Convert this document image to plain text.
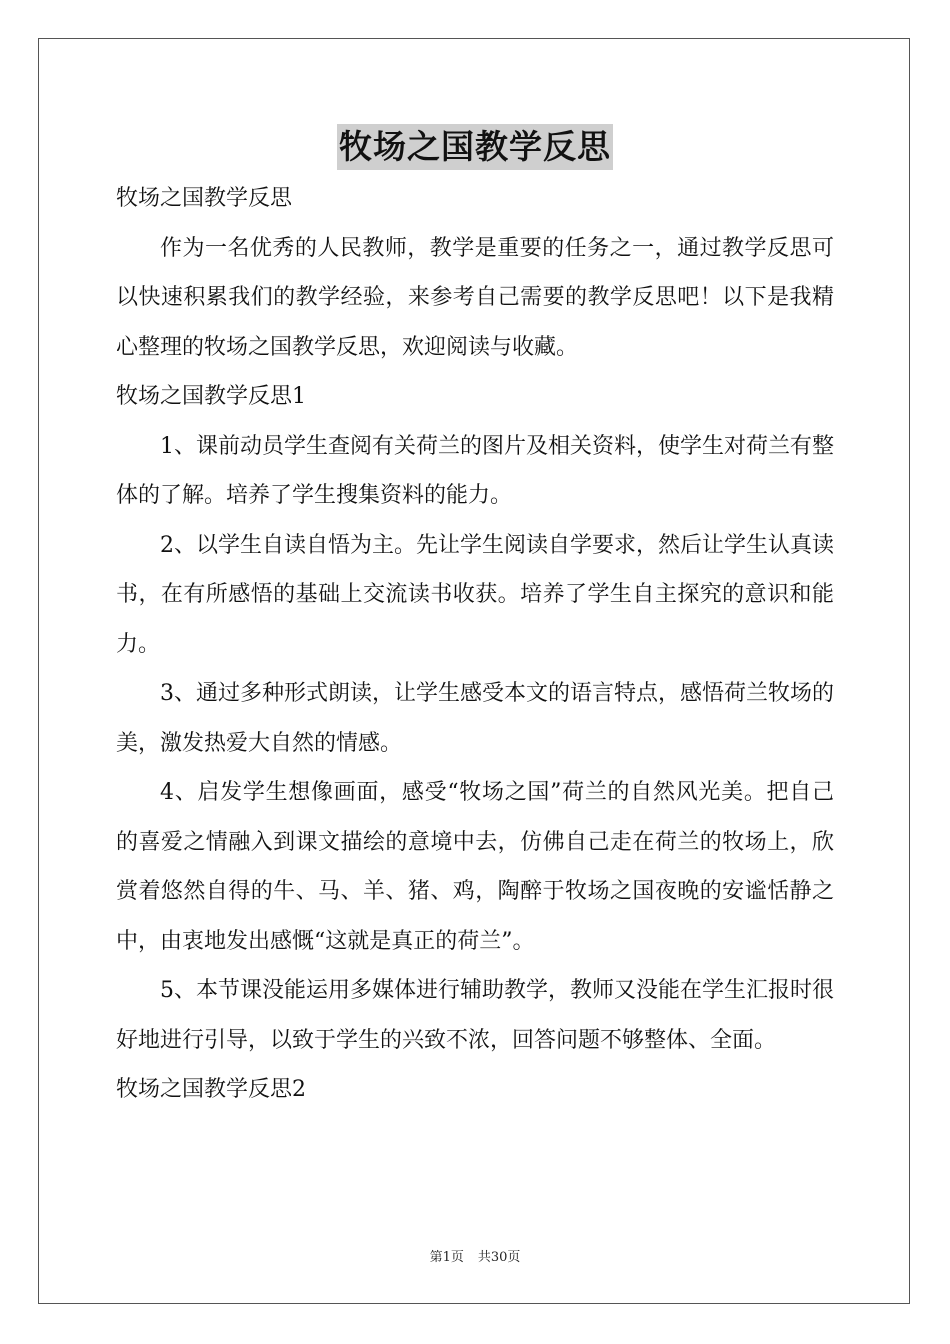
牧场之国教学反思

牧场之国教学反思

作为一名优秀的人民教师，教学是重要的任务之一，通过教学反思可以快速积累我们的教学经验，来参考自己需要的教学反思吧！以下是我精心整理的牧场之国教学反思，欢迎阅读与收藏。

牧场之国教学反思1

1、课前动员学生查阅有关荷兰的图片及相关资料，使学生对荷兰有整体的了解。培养了学生搜集资料的能力。

2、以学生自读自悟为主。先让学生阅读自学要求，然后让学生认真读书，在有所感悟的基础上交流读书收获。培养了学生自主探究的意识和能力。

3、通过多种形式朗读，让学生感受本文的语言特点，感悟荷兰牧场的美，激发热爱大自然的情感。

4、启发学生想像画面，感受“牧场之国”荷兰的自然风光美。把自己的喜爱之情融入到课文描绘的意境中去，仿佛自己走在荷兰的牧场上，欣赏着悠然自得的牛、马、羊、猪、鸡，陶醉于牧场之国夜晚的安谧恬静之中，由衷地发出感慨“这就是真正的荷兰”。

5、本节课没能运用多媒体进行辅助教学，教师又没能在学生汇报时很好地进行引导，以致于学生的兴致不浓，回答问题不够整体、全面。

牧场之国教学反思2

第1页 共30页
